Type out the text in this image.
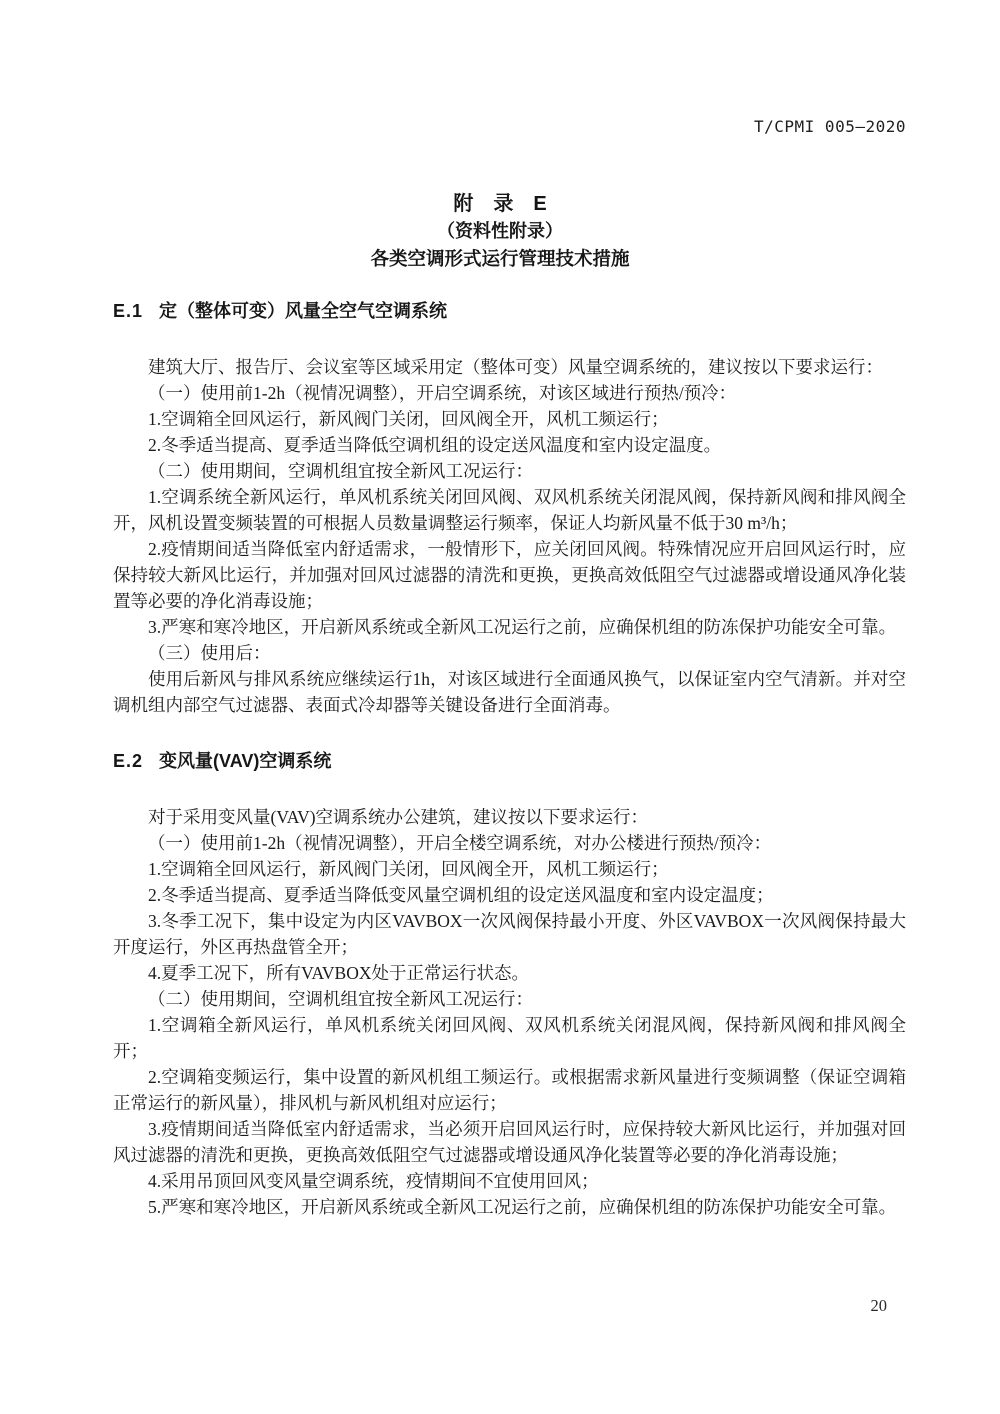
T/CPMI 005—2020
附　录　E
（资料性附录）
各类空调形式运行管理技术措施
E.1 定（整体可变）风量全空气空调系统

建筑大厅、报告厅、会议室等区域采用定（整体可变）风量空调系统的，建议按以下要求运行：

（一）使用前1-2h（视情况调整），开启空调系统，对该区域进行预热/预冷：

1.空调箱全回风运行，新风阀门关闭，回风阀全开，风机工频运行；

2.冬季适当提高、夏季适当降低空调机组的设定送风温度和室内设定温度。

（二）使用期间，空调机组宜按全新风工况运行：

1.空调系统全新风运行，单风机系统关闭回风阀、双风机系统关闭混风阀，保持新风阀和排风阀全开，风机设置变频装置的可根据人员数量调整运行频率，保证人均新风量不低于30 m³/h；

2.疫情期间适当降低室内舒适需求，一般情形下，应关闭回风阀。特殊情况应开启回风运行时，应保持较大新风比运行，并加强对回风过滤器的清洗和更换，更换高效低阻空气过滤器或增设通风净化装置等必要的净化消毒设施；

3.严寒和寒冷地区，开启新风系统或全新风工况运行之前，应确保机组的防冻保护功能安全可靠。

（三）使用后：

使用后新风与排风系统应继续运行1h，对该区域进行全面通风换气，以保证室内空气清新。并对空调机组内部空气过滤器、表面式冷却器等关键设备进行全面消毒。

E.2 变风量(VAV)空调系统

对于采用变风量(VAV)空调系统办公建筑，建议按以下要求运行：

（一）使用前1-2h（视情况调整），开启全楼空调系统，对办公楼进行预热/预冷：

1.空调箱全回风运行，新风阀门关闭，回风阀全开，风机工频运行；

2.冬季适当提高、夏季适当降低变风量空调机组的设定送风温度和室内设定温度；

3.冬季工况下，集中设定为内区VAVBOX一次风阀保持最小开度、外区VAVBOX一次风阀保持最大开度运行，外区再热盘管全开；

4.夏季工况下，所有VAVBOX处于正常运行状态。

（二）使用期间，空调机组宜按全新风工况运行：

1.空调箱全新风运行，单风机系统关闭回风阀、双风机系统关闭混风阀，保持新风阀和排风阀全开；

2.空调箱变频运行，集中设置的新风机组工频运行。或根据需求新风量进行变频调整（保证空调箱正常运行的新风量），排风机与新风机组对应运行；

3.疫情期间适当降低室内舒适需求，当必须开启回风运行时，应保持较大新风比运行，并加强对回风过滤器的清洗和更换，更换高效低阻空气过滤器或增设通风净化装置等必要的净化消毒设施；

4.采用吊顶回风变风量空调系统，疫情期间不宜使用回风；

5.严寒和寒冷地区，开启新风系统或全新风工况运行之前，应确保机组的防冻保护功能安全可靠。

20
